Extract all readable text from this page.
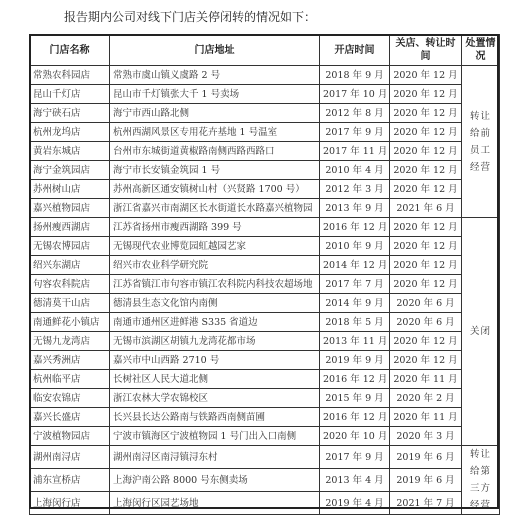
报告期内公司对线下门店关停闭转的情况如下：
门店名称	门店地址	开店时间	关店、转让时间	处置情况
常熟农科园店	常熟市虞山镇义虞路 2 号	2018 年 9 月	2020 年 12 月	转让给前员工经营
昆山千灯店	昆山市千灯镇张大千 1 号卖场	2017 年 10 月	2020 年 12 月	
海宁硖石店	海宁市西山路北侧	2012 年 8 月	2020 年 12 月	
杭州龙坞店	杭州西湖风景区专用花卉基地 1 号温室	2017 年 9 月	2020 年 12 月	
黄岩东城店	台州市东城街道黄椒路南侧西路西路口	2017 年 11 月	2020 年 12 月	
海宁金筑园店	海宁市长安镇金筑园 1 号	2010 年 4 月	2020 年 12 月	
苏州树山店	苏州高新区通安镇树山村（兴贤路 1700 号）	2012 年 3 月	2020 年 12 月	
嘉兴植物园店	浙江省嘉兴市南湖区长水街道长水路嘉兴植物园	2013 年 9 月	2021 年 6 月	
扬州瘦西湖店	江苏省扬州市瘦西湖路 399 号	2016 年 12 月	2020 年 12 月	关闭
无锡农博园店	无锡现代农业博览园虹越园艺家	2010 年 9 月	2020 年 12 月	
绍兴东湖店	绍兴市农业科学研究院	2014 年 12 月	2020 年 12 月	
句容农科院店	江苏省镇江市句容市镇江农科院内科技农超场地	2017 年 7 月	2020 年 12 月	
德清莫干山店	德清县生态文化馆内南侧	2014 年 9 月	2020 年 6 月	
南通鲜花小镇店	南通市通州区进鲜港 S335 省道边	2018 年 5 月	2020 年 6 月	
无锡九龙湾店	无锡市滨湖区胡镇九龙湾花都市场	2013 年 11 月	2020 年 12 月	
嘉兴秀洲店	嘉兴市中山西路 2710 号	2019 年 9 月	2020 年 12 月	
杭州临平店	长树社区人民大道北侧	2016 年 12 月	2020 年 11 月	
临安农锦店	浙江农林大学农锦校区	2015 年 9 月	2020 年 2 月	
嘉兴长盛店	长兴县长达公路南与铁路西南侧苗圃	2016 年 12 月	2020 年 11 月	
宁波植物园店	宁波市镇海区宁波植物园 1 号门出入口南侧	2020 年 10 月	2020 年 3 月	
湖州南浔店	湖州南浔区南浔镇浔东村	2017 年 9 月	2019 年 6 月	转让给第三方经营
浦东宣桥店	上海沪南公路 8000 号东侧卖场	2013 年 4 月	2019 年 6 月	
上海闵行店	上海闵行区园艺场地	2019 年 4 月	2021 年 7 月	
